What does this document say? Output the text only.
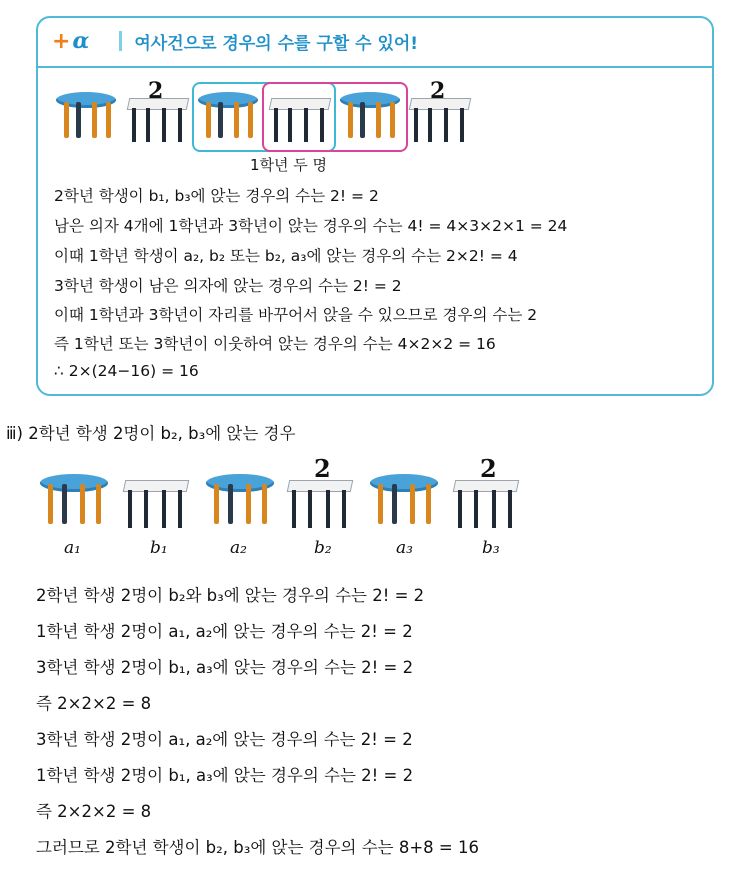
+ α	여사건으로 경우의 수를 구할 수 있어!
2	2
1학년 두 명
2학년 학생이 b₁, b₃에 앉는 경우의 수는 2! = 2
남은 의자 4개에 1학년과 3학년이 앉는 경우의 수는 4! = 4×3×2×1 = 24
이때 1학년 학생이 a₂, b₂ 또는 b₂, a₃에 앉는 경우의 수는 2×2! = 4
3학년 학생이 남은 의자에 앉는 경우의 수는 2! = 2
이때 1학년과 3학년이 자리를 바꾸어서 앉을 수 있으므로 경우의 수는 2
즉 1학년 또는 3학년이 이웃하여 앉는 경우의 수는 4×2×2 = 16
∴ 2×(24−16) = 16
ⅲ) 2학년 학생 2명이 b₂, b₃에 앉는 경우
2	2
a₁	b₁	a₂	b₂	a₃	b₃
2학년 학생 2명이 b₂와 b₃에 앉는 경우의 수는 2! = 2
1학년 학생 2명이 a₁, a₂에 앉는 경우의 수는 2! = 2
3학년 학생 2명이 b₁, a₃에 앉는 경우의 수는 2! = 2
즉 2×2×2 = 8
3학년 학생 2명이 a₁, a₂에 앉는 경우의 수는 2! = 2
1학년 학생 2명이 b₁, a₃에 앉는 경우의 수는 2! = 2
즉 2×2×2 = 8
그러므로 2학년 학생이 b₂, b₃에 앉는 경우의 수는 8+8 = 16
